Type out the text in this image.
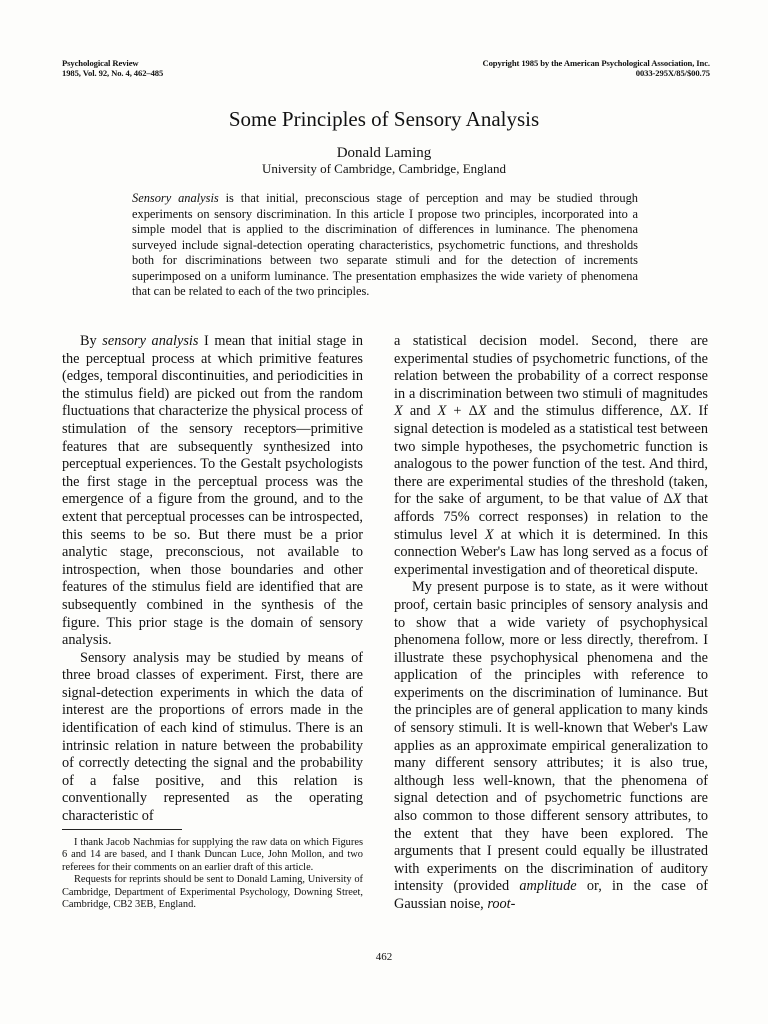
Psychological Review
1985, Vol. 92, No. 4, 462–485
Copyright 1985 by the American Psychological Association, Inc.
0033-295X/85/$00.75
Some Principles of Sensory Analysis
Donald Laming
University of Cambridge, Cambridge, England

Sensory analysis is that initial, preconscious stage of perception and may be studied through experiments on sensory discrimination. In this article I propose two principles, incorporated into a simple model that is applied to the discrimination of differences in luminance. The phenomena surveyed include signal-detection operating characteristics, psychometric functions, and thresholds both for discriminations between two separate stimuli and for the detection of increments superimposed on a uniform luminance. The presentation emphasizes the wide variety of phenomena that can be related to each of the two principles.

By sensory analysis I mean that initial stage in the perceptual process at which primitive features (edges, temporal discontinuities, and periodicities in the stimulus field) are picked out from the random fluctuations that characterize the physical process of stimulation of the sensory receptors—primitive features that are subsequently synthesized into perceptual experiences. To the Gestalt psychologists the first stage in the perceptual process was the emergence of a figure from the ground, and to the extent that perceptual processes can be introspected, this seems to be so. But there must be a prior analytic stage, preconscious, not available to introspection, when those boundaries and other features of the stimulus field are identified that are subsequently combined in the synthesis of the figure. This prior stage is the domain of sensory analysis.

Sensory analysis may be studied by means of three broad classes of experiment. First, there are signal-detection experiments in which the data of interest are the proportions of errors made in the identification of each kind of stimulus. There is an intrinsic relation in nature between the probability of correctly detecting the signal and the probability of a false positive, and this relation is conventionally represented as the operating characteristic of

a statistical decision model. Second, there are experimental studies of psychometric functions, of the relation between the probability of a correct response in a discrimination between two stimuli of magnitudes X and X + ΔX and the stimulus difference, ΔX. If signal detection is modeled as a statistical test between two simple hypotheses, the psychometric function is analogous to the power function of the test. And third, there are experimental studies of the threshold (taken, for the sake of argument, to be that value of ΔX that affords 75% correct responses) in relation to the stimulus level X at which it is determined. In this connection Weber's Law has long served as a focus of experimental investigation and of theoretical dispute.

My present purpose is to state, as it were without proof, certain basic principles of sensory analysis and to show that a wide variety of psychophysical phenomena follow, more or less directly, therefrom. I illustrate these psychophysical phenomena and the application of the principles with reference to experiments on the discrimination of luminance. But the principles are of general application to many kinds of sensory stimuli. It is well-known that Weber's Law applies as an approximate empirical generalization to many different sensory attributes; it is also true, although less well-known, that the phenomena of signal detection and of psychometric functions are also common to those different sensory attributes, to the extent that they have been explored. The arguments that I present could equally be illustrated with experiments on the discrimination of auditory intensity (provided amplitude or, in the case of Gaussian noise, root-

I thank Jacob Nachmias for supplying the raw data on which Figures 6 and 14 are based, and I thank Duncan Luce, John Mollon, and two referees for their comments on an earlier draft of this article.

Requests for reprints should be sent to Donald Laming, University of Cambridge, Department of Experimental Psychology, Downing Street, Cambridge, CB2 3EB, England.

462
